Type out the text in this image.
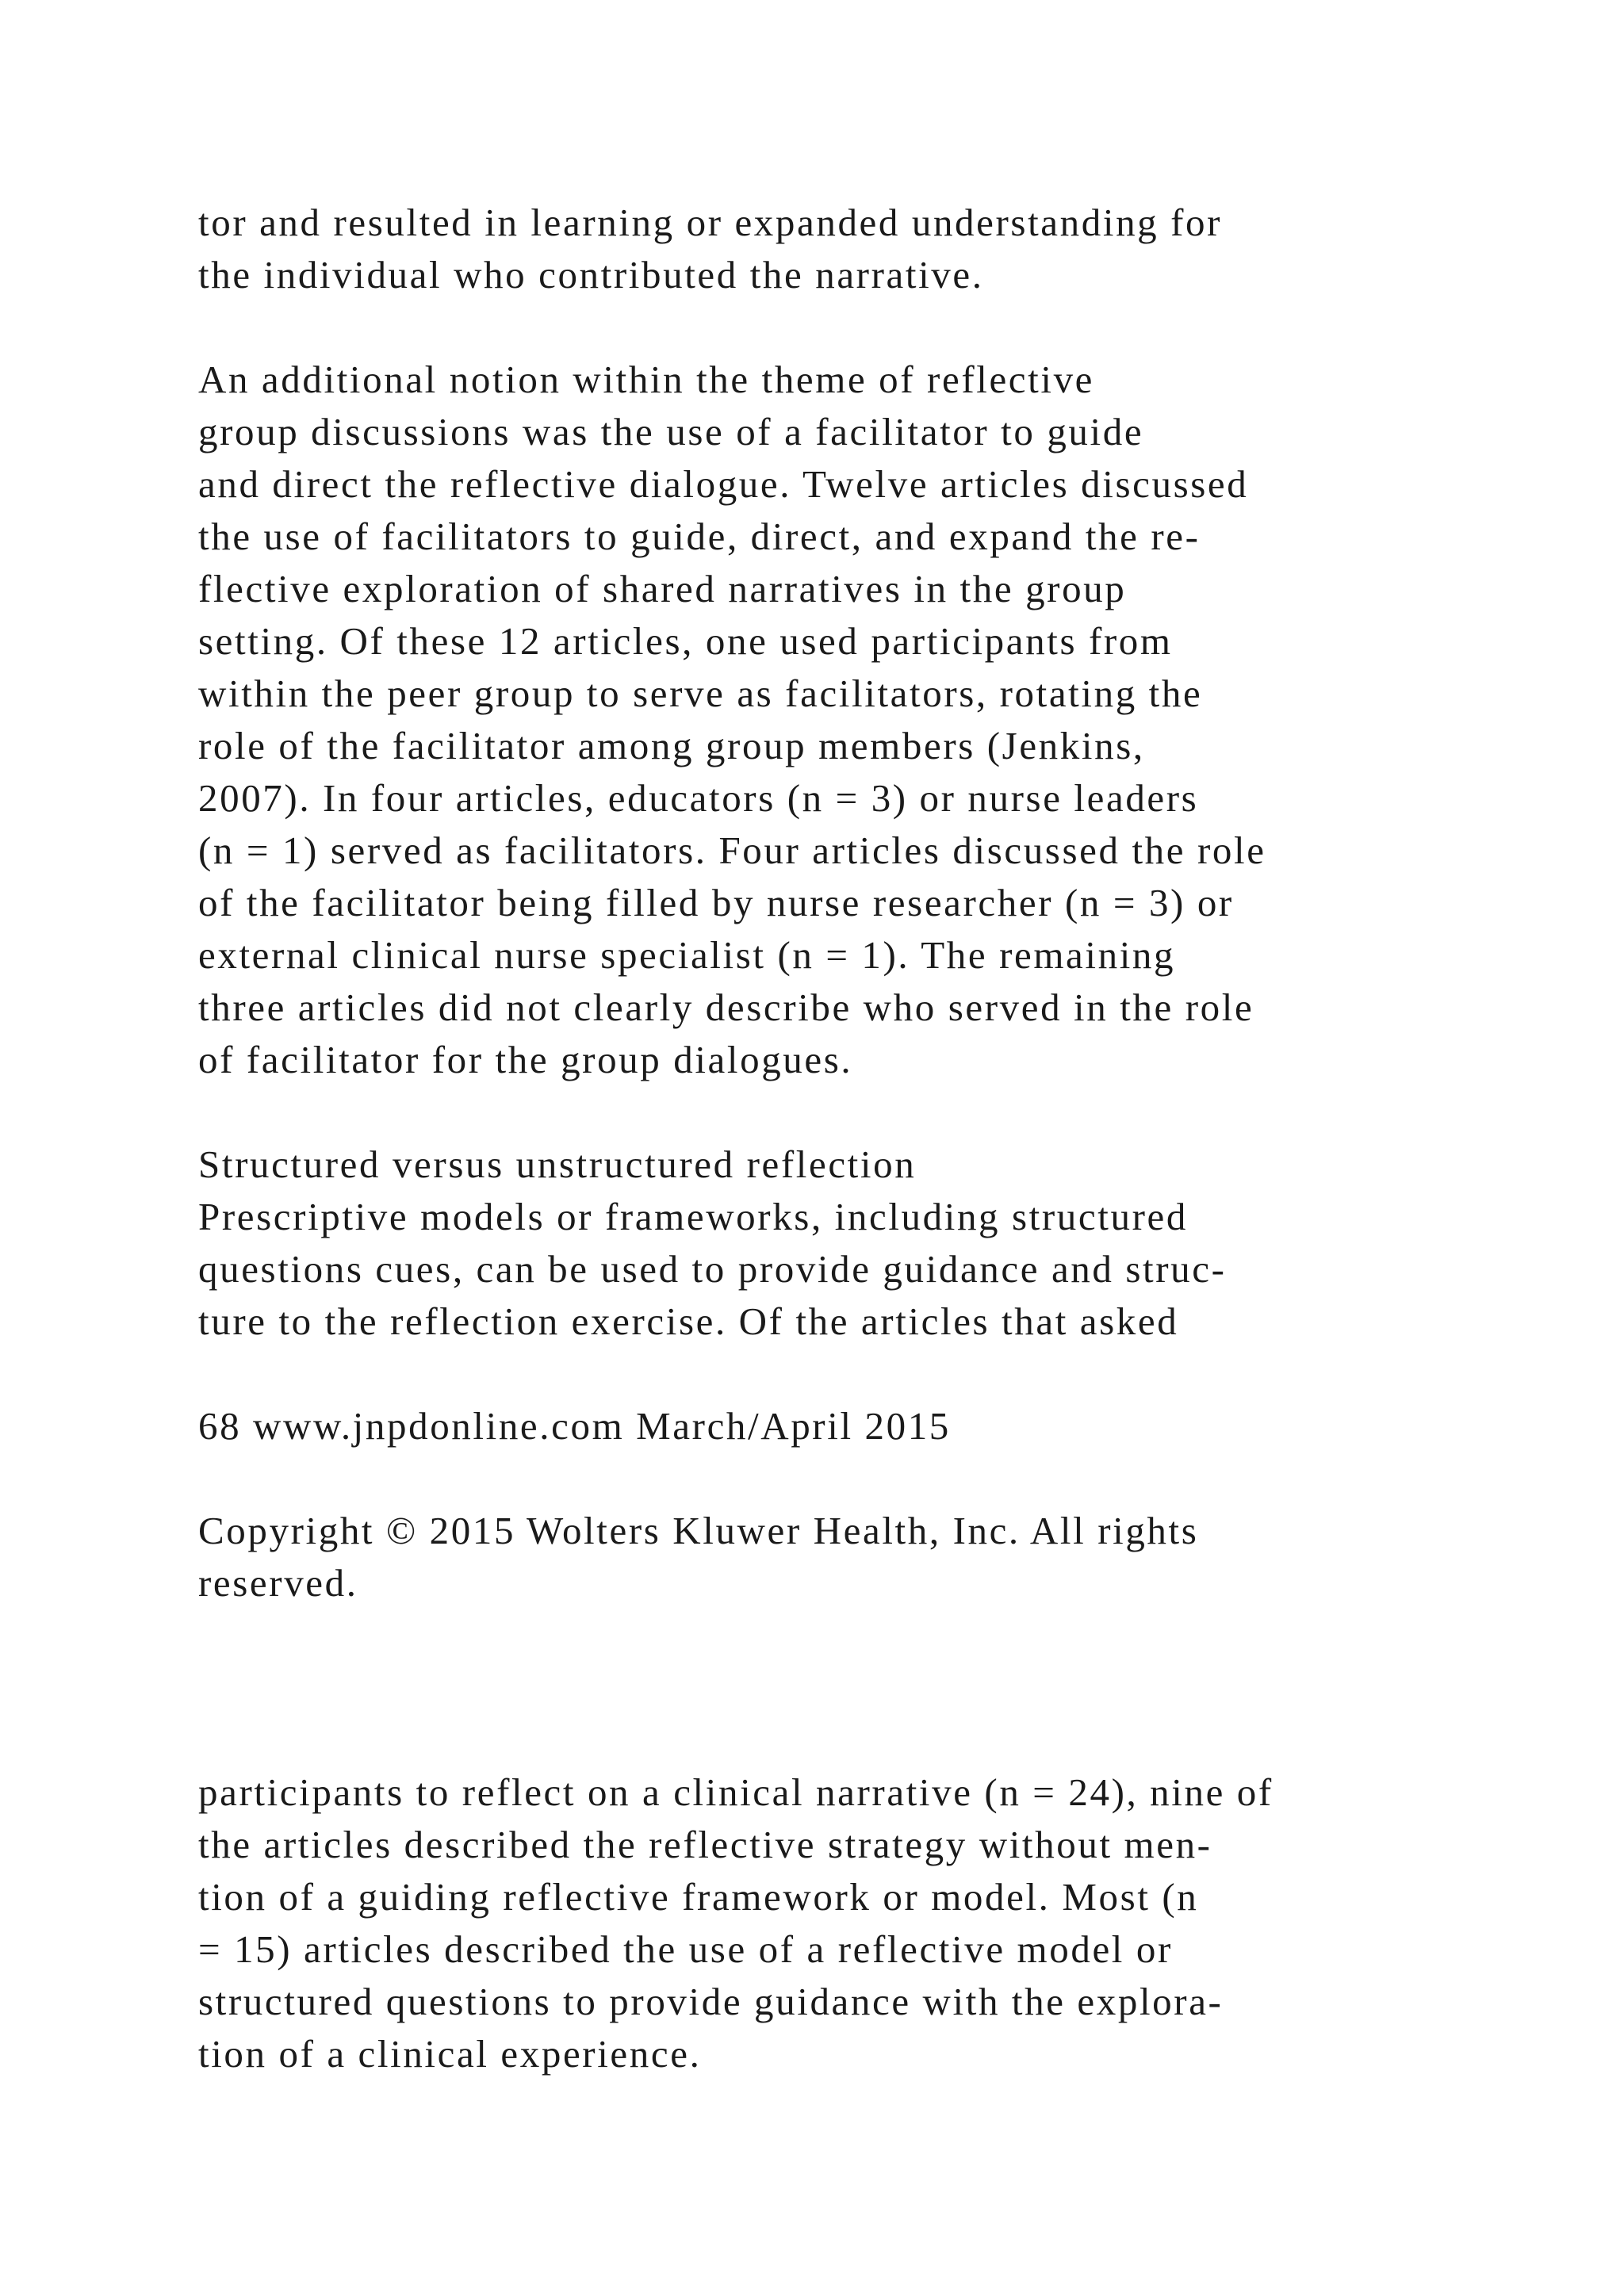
tor and resulted in learning or expanded understanding for
the individual who contributed the narrative.
An additional notion within the theme of reflective
group discussions was the use of a facilitator to guide
and direct the reflective dialogue. Twelve articles discussed
the use of facilitators to guide, direct, and expand the re-
flective exploration of shared narratives in the group
setting. Of these 12 articles, one used participants from
within the peer group to serve as facilitators, rotating the
role of the facilitator among group members (Jenkins,
2007). In four articles, educators (n = 3) or nurse leaders
(n = 1) served as facilitators. Four articles discussed the role
of the facilitator being filled by nurse researcher (n = 3) or
external clinical nurse specialist (n = 1). The remaining
three articles did not clearly describe who served in the role
of facilitator for the group dialogues.
Structured versus unstructured reflection
Prescriptive models or frameworks, including structured
questions cues, can be used to provide guidance and struc-
ture to the reflection exercise. Of the articles that asked
68 www.jnpdonline.com March/April 2015
Copyright © 2015 Wolters Kluwer Health, Inc. All rights
reserved.
participants to reflect on a clinical narrative (n = 24), nine of
the articles described the reflective strategy without men-
tion of a guiding reflective framework or model. Most (n
= 15) articles described the use of a reflective model or
structured questions to provide guidance with the explora-
tion of a clinical experience.
